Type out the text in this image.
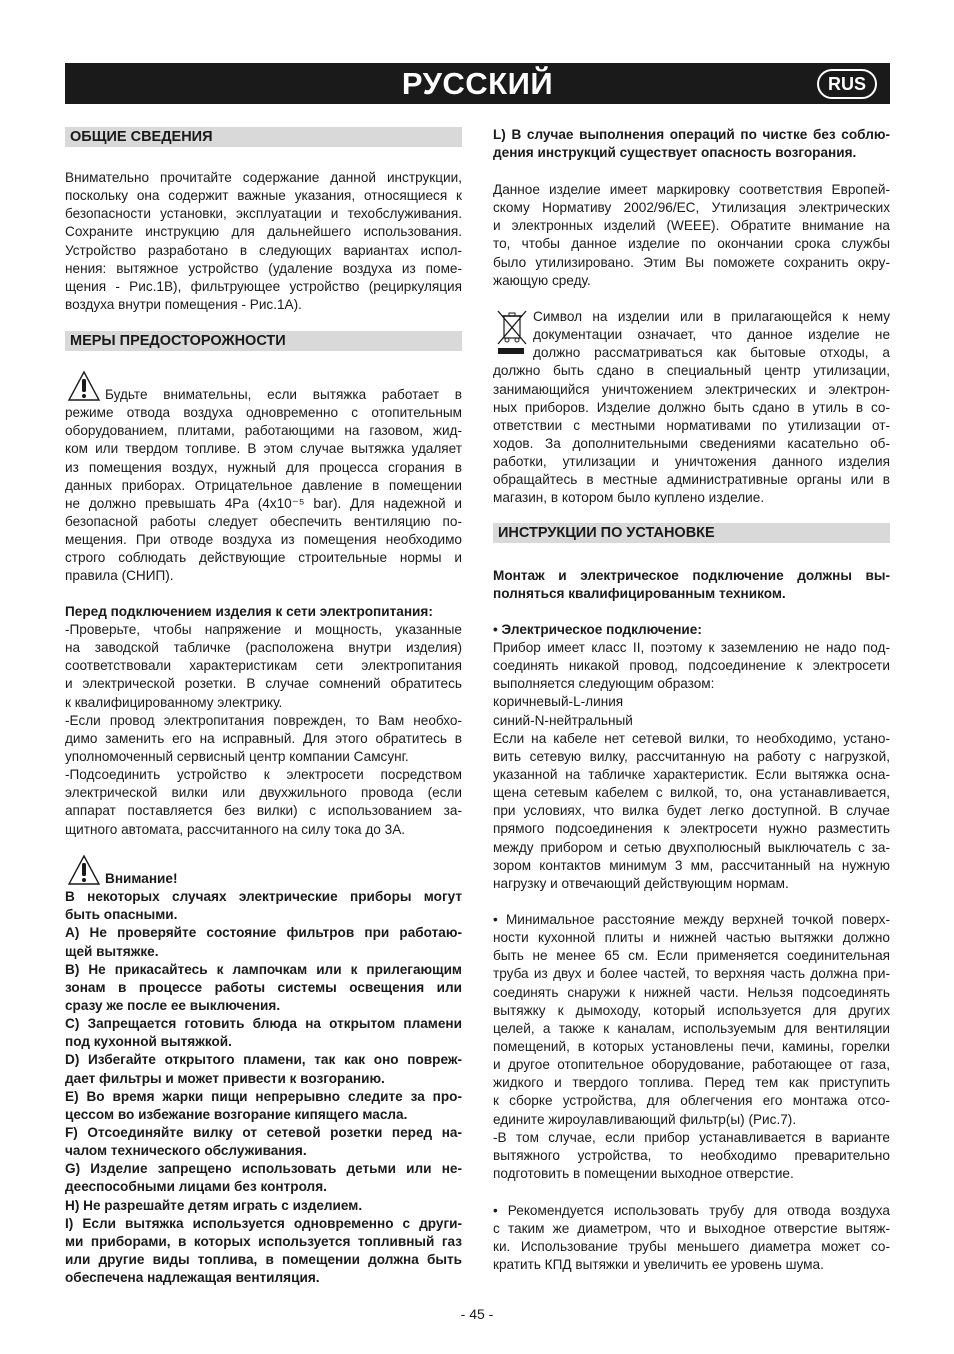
РУССКИЙ	RUS
ОБЩИЕ СВЕДЕНИЯ
Внимательно прочитайте содержание данной инструкции,
поскольку она содержит важные указания, относящиеся к
безопасности установки, эксплуатации и техобслуживания.
Сохраните инструкцию для дальнейшего использования.
Устройство разработано в следующих вариантах испол-
нения: вытяжное устройство (удаление воздуха из поме-
щения - Рис.1B), фильтрующее устройство (рециркуляция
воздуха внутри помещения - Рис.1A).
МЕРЫ ПРЕДОСТОРОЖНОСТИ
Будьте внимательны, если вытяжка работает в
режиме отвода воздуха одновременно с отопительным
оборудованием, плитами, работающими на газовом, жид-
ком или твердом топливе. В этом случае вытяжка удаляет
из помещения воздух, нужный для процесса сгорания в
данных приборах. Отрицательное давление в помещении
не должно превышать 4Pa (4x10⁻⁵ bar). Для надежной и
безопасной работы следует обеспечить вентиляцию по-
мещения. При отводе воздуха из помещения необходимо
строго соблюдать действующие строительные нормы и
правила (СНИП).
Перед подключением изделия к сети электропитания:
-Проверьте, чтобы напряжение и мощность, указанные
на заводской табличке (расположена внутри изделия)
соответствовали характеристикам сети электропитания
и электрической розетки. В случае сомнений обратитесь
к квалифицированному электрику.
-Если провод электропитания поврежден, то Вам необхо-
димо заменить его на исправный. Для этого обратитесь в
уполномоченный сервисный центр компании Самсунг.
-Подсоединить устройство к электросети посредством
электрической вилки или двухжильного провода (если
аппарат поставляется без вилки) с использованием за-
щитного автомата, рассчитанного на силу тока до 3А.
Внимание!
В некоторых случаях электрические приборы могут
быть опасными.
A) Не проверяйте состояние фильтров при работаю-
щей вытяжке.
B) Не прикасайтесь к лампочкам или к прилегающим
зонам в процессе работы системы освещения или
сразу же после ее выключения.
C) Запрещается готовить блюда на открытом пламени
под кухонной вытяжкой.
D) Избегайте открытого пламени, так как оно повреж-
дает фильтры и может привести к возгоранию.
E) Во время жарки пищи непрерывно следите за про-
цессом во избежание возгорание кипящего масла.
F) Отсоединяйте вилку от сетевой розетки перед на-
чалом технического обслуживания.
G) Изделие запрещено использовать детьми или не-
дееспособными лицами без контроля.
H) Не разрешайте детям играть с изделием.
I) Если вытяжка используется одновременно с други-
ми приборами, в которых используется топливный газ
или другие виды топлива, в помещении должна быть
обеспечена надлежащая вентиляция.
L) В случае выполнения операций по чистке без соблю-
дения инструкций существует опасность возгорания.
Данное изделие имеет маркировку соответствия Европей-
скому Нормативу 2002/96/EC, Утилизация электрических
и электронных изделий (WEEE). Обратите внимание на
то, чтобы данное изделие по окончании срока службы
было утилизировано. Этим Вы поможете сохранить окру-
жающую среду.
Символ на изделии или в прилагающейся к нему
документации означает, что данное изделие не
должно рассматриваться как бытовые отходы, а
должно быть сдано в специальный центр утилизации,
занимающийся уничтожением электрических и электрон-
ных приборов. Изделие должно быть сдано в утиль в со-
ответствии с местными нормативами по утилизации от-
ходов. За дополнительными сведениями касательно об-
работки, утилизации и уничтожения данного изделия
обращайтесь в местные административные органы или в
магазин, в котором было куплено изделие.
ИНСТРУКЦИИ ПО УСТАНОВКЕ
Монтаж и электрическое подключение должны вы-
полняться квалифицированным техником.
• Электрическое подключение:
Прибор имеет класс II, поэтому к заземлению не надо под-
соединять никакой провод, подсоединение к электросети
выполняется следующим образом:
коричневый-L-линия
синий-N-нейтральный
Если на кабеле нет сетевой вилки, то необходимо, устано-
вить сетевую вилку, рассчитанную на работу с нагрузкой,
указанной на табличке характеристик. Если вытяжка осна-
щена сетевым кабелем с вилкой, то, она устанавливается,
при условиях, что вилка будет легко доступной. В случае
прямого подсоединения к электросети нужно разместить
между прибором и сетью двухполюсный выключатель с за-
зором контактов минимум 3 мм, рассчитанный на нужную
нагрузку и отвечающий действующим нормам.
• Минимальное расстояние между верхней точкой поверх-
ности кухонной плиты и нижней частью вытяжки должно
быть не менее 65 см. Если применяется соединительная
труба из двух и более частей, то верхняя часть должна при-
соединять снаружи к нижней части. Нельзя подсоединять
вытяжку к дымоходу, который используется для других
целей, а также к каналам, используемым для вентиляции
помещений, в которых установлены печи, камины, горелки
и другое отопительное оборудование, работающее от газа,
жидкого и твердого топлива. Перед тем как приступить
к сборке устройства, для облегчения его монтажа отсо-
едините жироулавливающий фильтр(ы) (Рис.7).
-В том случае, если прибор устанавливается в варианте
вытяжного устройства, то необходимо преварительно
подготовить в помещении выходное отверстие.
• Рекомендуется использовать трубу для отвода воздуха
с таким же диаметром, что и выходное отверстие вытяж-
ки. Использование трубы меньшего диаметра может со-
кратить КПД вытяжки и увеличить ее уровень шума.
- 45 -
